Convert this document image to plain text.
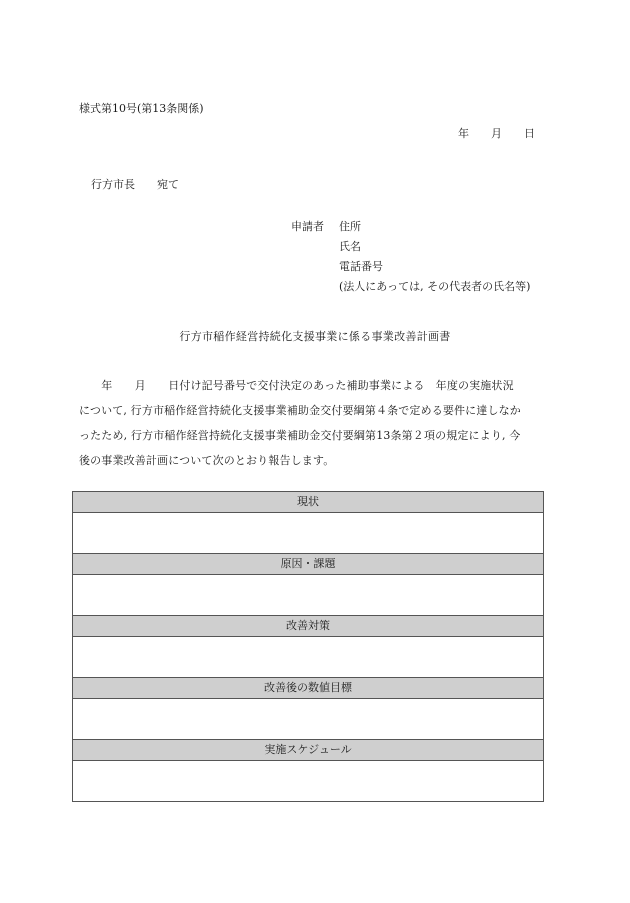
様式第10号(第13条関係)
年 月 日
行方市長 宛て
申請者 住所
氏名
電話番号
(法人にあっては, その代表者の氏名等)
行方市稲作経営持続化支援事業に係る事業改善計画書
　　年　　月　　日付け記号番号で交付決定のあった補助事業による　年度の実施状況
について, 行方市稲作経営持続化支援事業補助金交付要綱第４条で定める要件に達しなか
ったため, 行方市稲作経営持続化支援事業補助金交付要綱第13条第２項の規定により, 今
後の事業改善計画について次のとおり報告します。
現状
原因・課題
改善対策
改善後の数値目標
実施スケジュール
